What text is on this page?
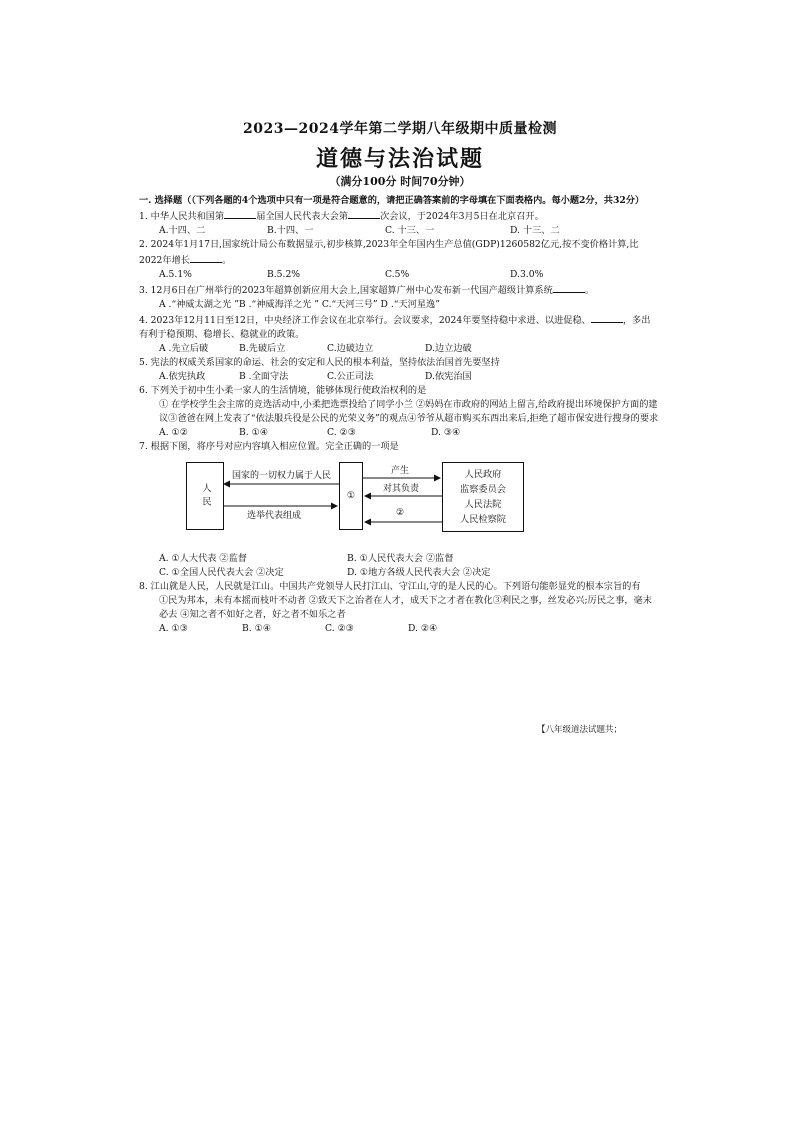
2023—2024学年第二学期八年级期中质量检测
道德与法治试题
（满分100分 时间70分钟）

一. 选择题（（下列各题的4个选项中只有一项是符合题意的，请把正确答案前的字母填在下面表格内。每小题2分，共32分）

1. 中华人民共和国第	届全国人民代表大会第	次会议，于2024年3月5日在北京召开。

A.十四、二	B.十四、一	C. 十三、一	D. 十三、二

2. 2024年1月17日,国家统计局公布数据显示,初步核算,2023年全年国内生产总值(GDP)1260582亿元,按不变价格计算,比2022年增长	。

A.5.1%	B.5.2%	C.5%	D.3.0%

3. 12月6日在广州举行的2023年超算创新应用大会上,国家超算广州中心发布新一代国产超级计算系统	。

A .“神威太湖之光 ”B .“神威海洋之光 ” C.“天河三号” D .“天河星逸”

4. 2023年12月11日至12日，中央经济工作会议在北京举行。会议要求，2024年要坚持稳中求进、以进促稳、	，多出有利于稳预期、稳增长、稳就业的政策。

A .先立后破	B.先破后立	C.边破边立	D.边立边破

5. 宪法的权威关系国家的命运、社会的安定和人民的根本利益，坚持依法治国首先要坚持

A.依宪执政	B .全面守法	C.公正司法	D.依宪治国

6. 下列关于初中生小柔一家人的生活情境，能够体现行使政治权利的是

① 在学校学生会主席的竞选活动中,小柔把选票投给了同学小兰 ②妈妈在市政府的网站上留言,给政府提出环境保护方面的建议③爸爸在网上发表了“依法服兵役是公民的光荣义务”的观点④爷爷从超市购买东西出来后,拒绝了超市保安进行搜身的要求

A. ①②	B. ①④	C. ②③	D. ③④

7. 根据下图，将序号对应内容填入相应位置。完全正确的一项是

人民	①
人民政府
监察委员会
人民法院
人民检察院
国家的一切权力属于人民
选举代表组成
产生
对其负责
②
A. ①人大代表 ②监督	B. ①人民代表大会 ②监督
C. ①全国人民代表大会 ②决定	D. ①地方各级人民代表大会 ②决定

8. 江山就是人民，人民就是江山。中国共产党领导人民打江山、守江山,守的是人民的心。下列语句能彰显党的根本宗旨的有

①民为邦本，未有本摇而枝叶不动者 ②致天下之治者在人才，成天下之才者在教化③利民之事，丝发必兴;厉民之事，毫末必去 ④知之者不如好之者，好之者不如乐之者

A. ①③	B. ①④	C. ②③	D. ②④
【八年级道法试题共；
